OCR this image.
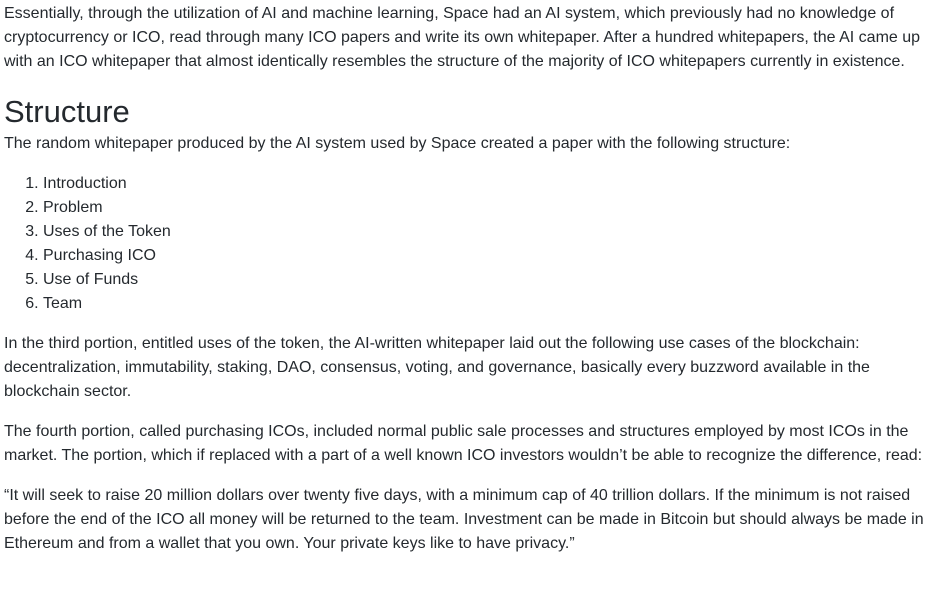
Essentially, through the utilization of AI and machine learning, Space had an AI system, which previously had no knowledge of cryptocurrency or ICO, read through many ICO papers and write its own whitepaper. After a hundred whitepapers, the AI came up with an ICO whitepaper that almost identically resembles the structure of the majority of ICO whitepapers currently in existence.

Structure

The random whitepaper produced by the AI system used by Space created a paper with the following structure:

1. Introduction
2. Problem
3. Uses of the Token
4. Purchasing ICO
5. Use of Funds
6. Team

In the third portion, entitled uses of the token, the AI-written whitepaper laid out the following use cases of the blockchain: decentralization, immutability, staking, DAO, consensus, voting, and governance, basically every buzzword available in the blockchain sector.

The fourth portion, called purchasing ICOs, included normal public sale processes and structures employed by most ICOs in the market. The portion, which if replaced with a part of a well known ICO investors wouldn’t be able to recognize the difference, read:

“It will seek to raise 20 million dollars over twenty five days, with a minimum cap of 40 trillion dollars. If the minimum is not raised before the end of the ICO all money will be returned to the team. Investment can be made in Bitcoin but should always be made in Ethereum and from a wallet that you own. Your private keys like to have privacy.”
